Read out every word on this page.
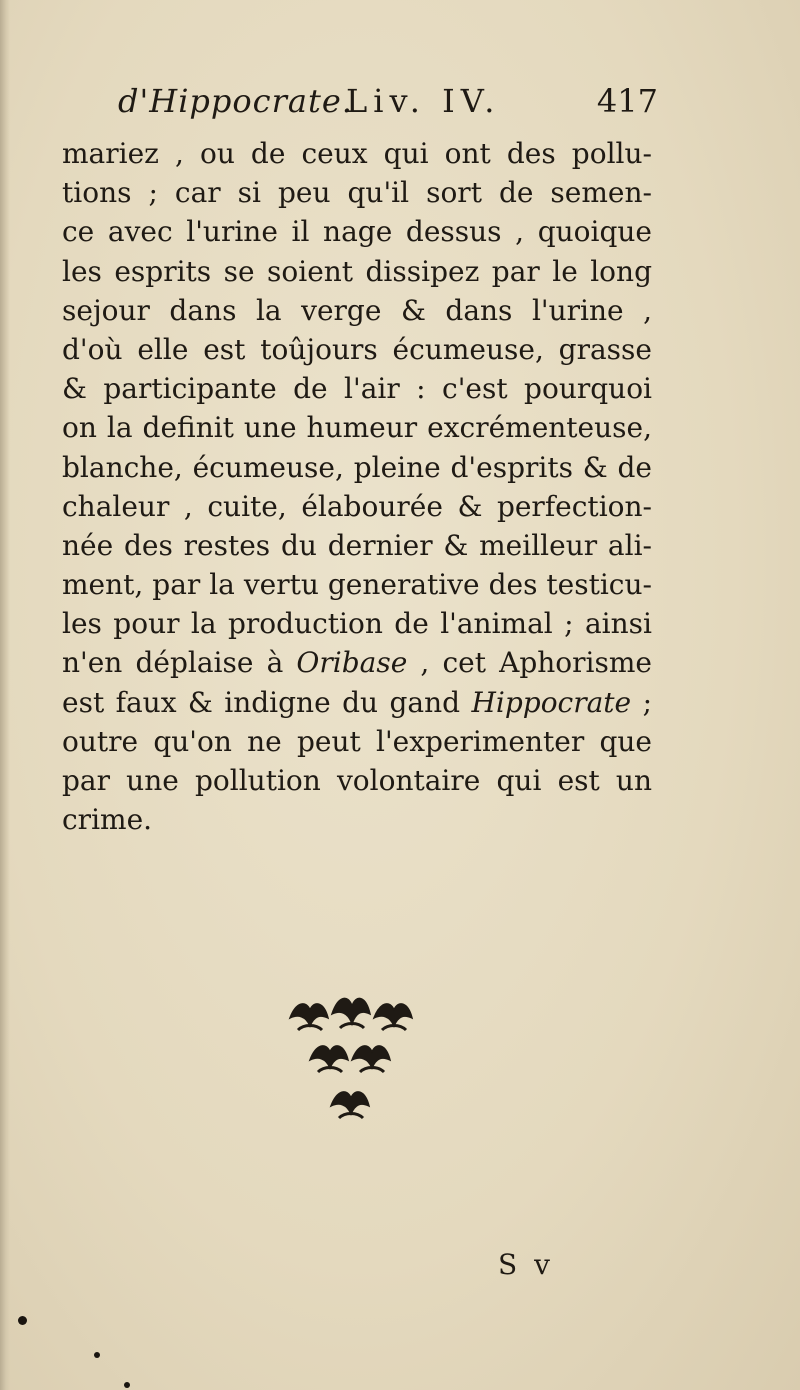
d'Hippocrate.
Liv. IV.	417
mariez , ou de ceux qui ont des pollu-
tions ; car si peu qu'il sort de semen-
ce avec l'urine il nage dessus , quoique
les esprits se soient dissipez par le long
sejour dans la verge & dans l'urine ,
d'où elle est toûjours écumeuse, grasse
& participante de l'air : c'est pourquoi
on la definit une humeur excrémenteuse,
blanche, écumeuse, pleine d'esprits & de
chaleur , cuite, élabourée & perfection-
née des restes du dernier & meilleur ali-
ment, par la vertu generative des testicu-
les pour la production de l'animal ; ainsi
n'en déplaise à Oribase , cet Aphorisme
est faux & indigne du gand Hippocrate ;
outre qu'on ne peut l'experimenter que
par une pollution volontaire qui est un
crime.
S v
